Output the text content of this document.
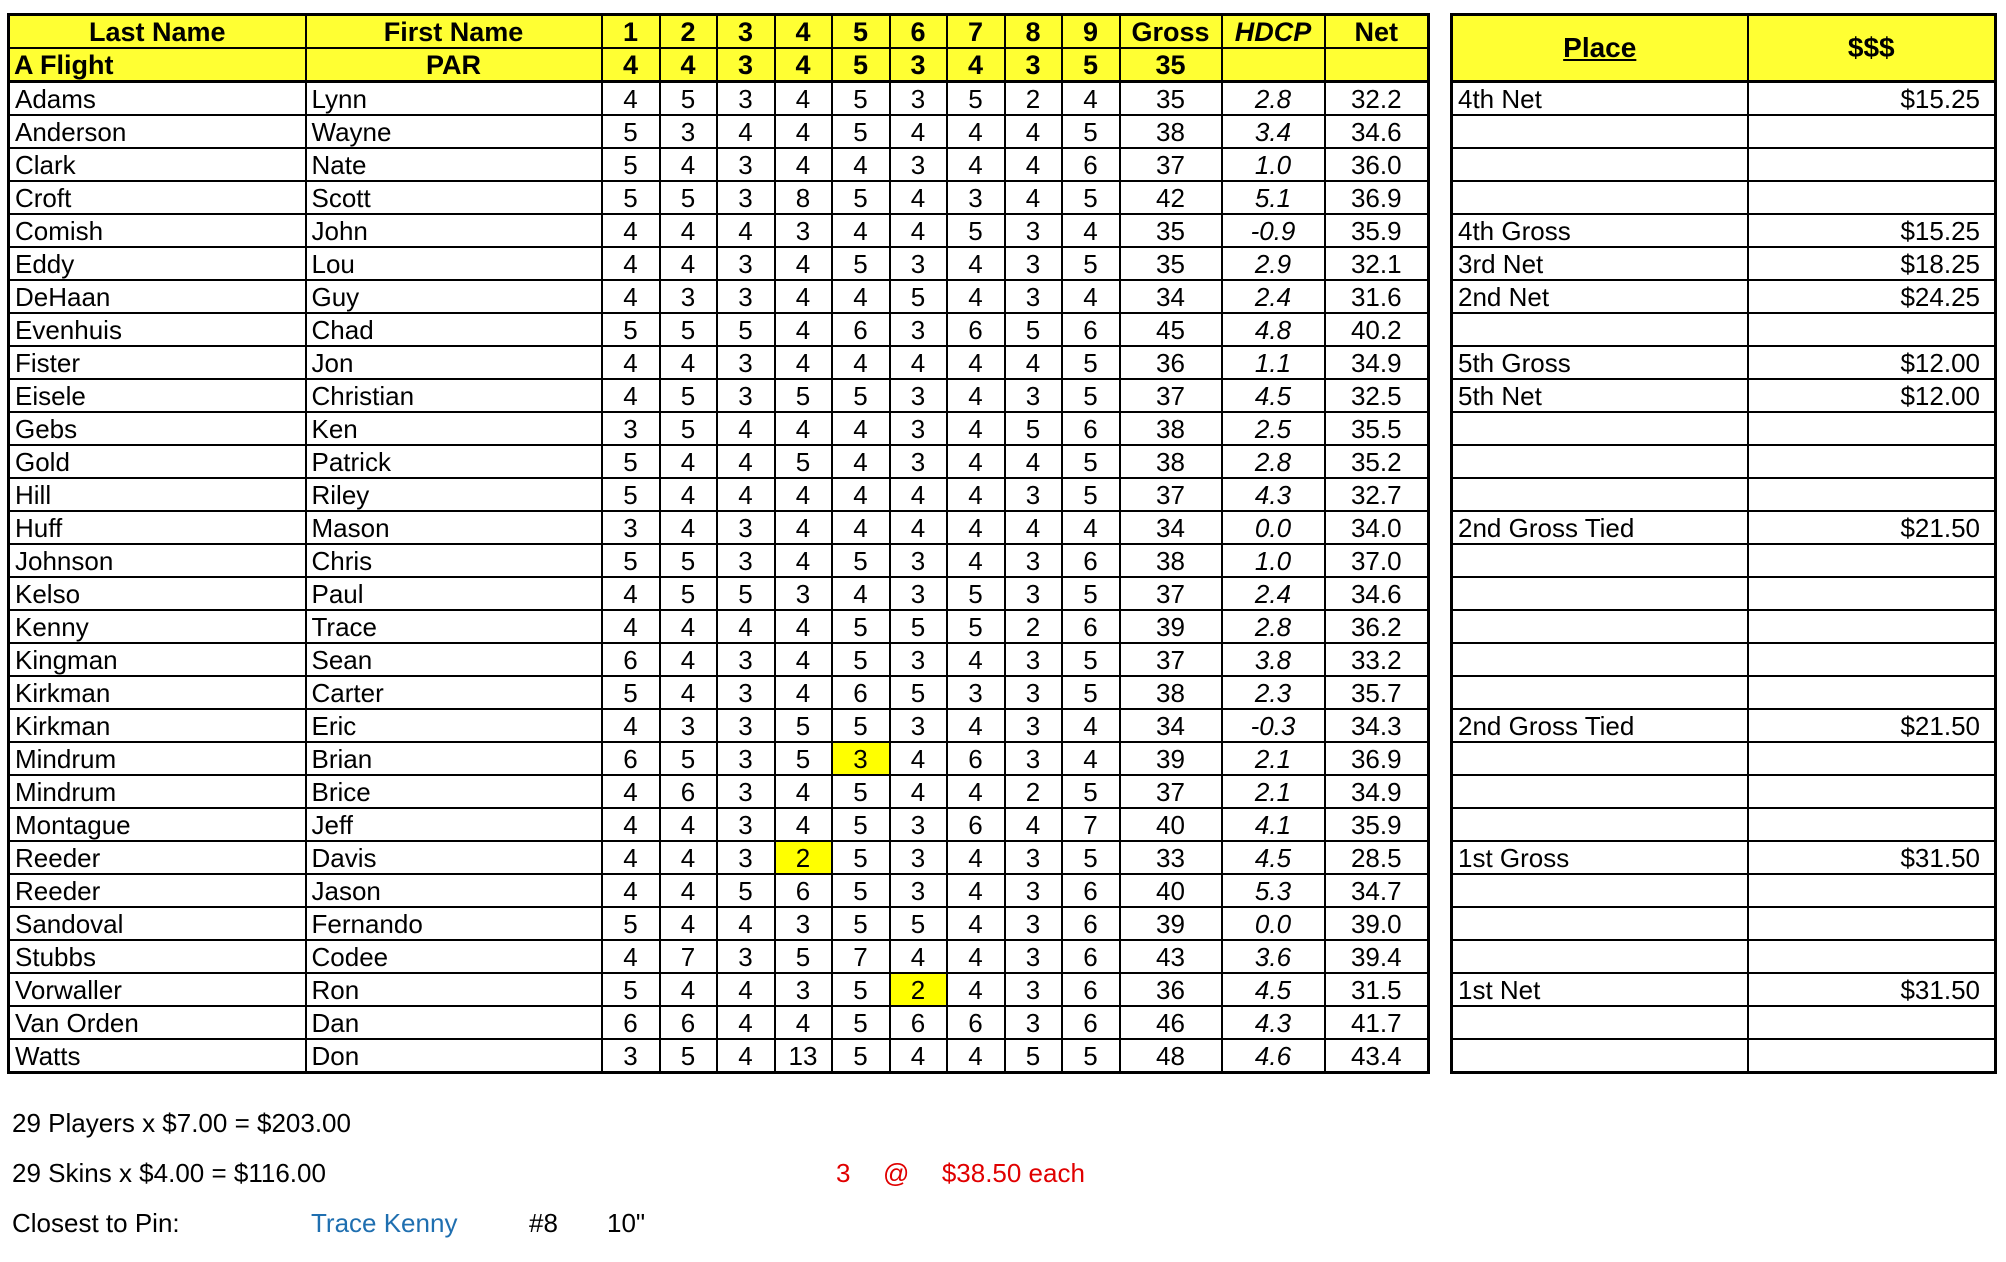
Last Name	First Name	1	2	3	4	5	6	7	8	9	Gross	HDCP	Net
A Flight	PAR	4	4	3	4	5	3	4	3	5	35		
Adams	Lynn	4	5	3	4	5	3	5	2	4	35	2.8	32.2
Anderson	Wayne	5	3	4	4	5	4	4	4	5	38	3.4	34.6
Clark	Nate	5	4	3	4	4	3	4	4	6	37	1.0	36.0
Croft	Scott	5	5	3	8	5	4	3	4	5	42	5.1	36.9
Comish	John	4	4	4	3	4	4	5	3	4	35	-0.9	35.9
Eddy	Lou	4	4	3	4	5	3	4	3	5	35	2.9	32.1
DeHaan	Guy	4	3	3	4	4	5	4	3	4	34	2.4	31.6
Evenhuis	Chad	5	5	5	4	6	3	6	5	6	45	4.8	40.2
Fister	Jon	4	4	3	4	4	4	4	4	5	36	1.1	34.9
Eisele	Christian	4	5	3	5	5	3	4	3	5	37	4.5	32.5
Gebs	Ken	3	5	4	4	4	3	4	5	6	38	2.5	35.5
Gold	Patrick	5	4	4	5	4	3	4	4	5	38	2.8	35.2
Hill	Riley	5	4	4	4	4	4	4	3	5	37	4.3	32.7
Huff	Mason	3	4	3	4	4	4	4	4	4	34	0.0	34.0
Johnson	Chris	5	5	3	4	5	3	4	3	6	38	1.0	37.0
Kelso	Paul	4	5	5	3	4	3	5	3	5	37	2.4	34.6
Kenny	Trace	4	4	4	4	5	5	5	2	6	39	2.8	36.2
Kingman	Sean	6	4	3	4	5	3	4	3	5	37	3.8	33.2
Kirkman	Carter	5	4	3	4	6	5	3	3	5	38	2.3	35.7
Kirkman	Eric	4	3	3	5	5	3	4	3	4	34	-0.3	34.3
Mindrum	Brian	6	5	3	5	3	4	6	3	4	39	2.1	36.9
Mindrum	Brice	4	6	3	4	5	4	4	2	5	37	2.1	34.9
Montague	Jeff	4	4	3	4	5	3	6	4	7	40	4.1	35.9
Reeder	Davis	4	4	3	2	5	3	4	3	5	33	4.5	28.5
Reeder	Jason	4	4	5	6	5	3	4	3	6	40	5.3	34.7
Sandoval	Fernando	5	4	4	3	5	5	4	3	6	39	0.0	39.0
Stubbs	Codee	4	7	3	5	7	4	4	3	6	43	3.6	39.4
Vorwaller	Ron	5	4	4	3	5	2	4	3	6	36	4.5	31.5
Van Orden	Dan	6	6	4	4	5	6	6	3	6	46	4.3	41.7
Watts	Don	3	5	4	13	5	4	4	5	5	48	4.6	43.4
Place	$$$
4th Net	$15.25

4th Gross	$15.25
3rd Net	$18.25
2nd Net	$24.25

5th Gross	$12.00
5th Net	$12.00

2nd Gross Tied	$21.50

2nd Gross Tied	$21.50

1st Gross	$31.50

1st Net	$31.50

29 Players x $7.00 = $203.00
29 Skins x $4.00 = $116.00	3 @ $38.50 each
Closest to Pin:	Trace Kenny	#8 10"
